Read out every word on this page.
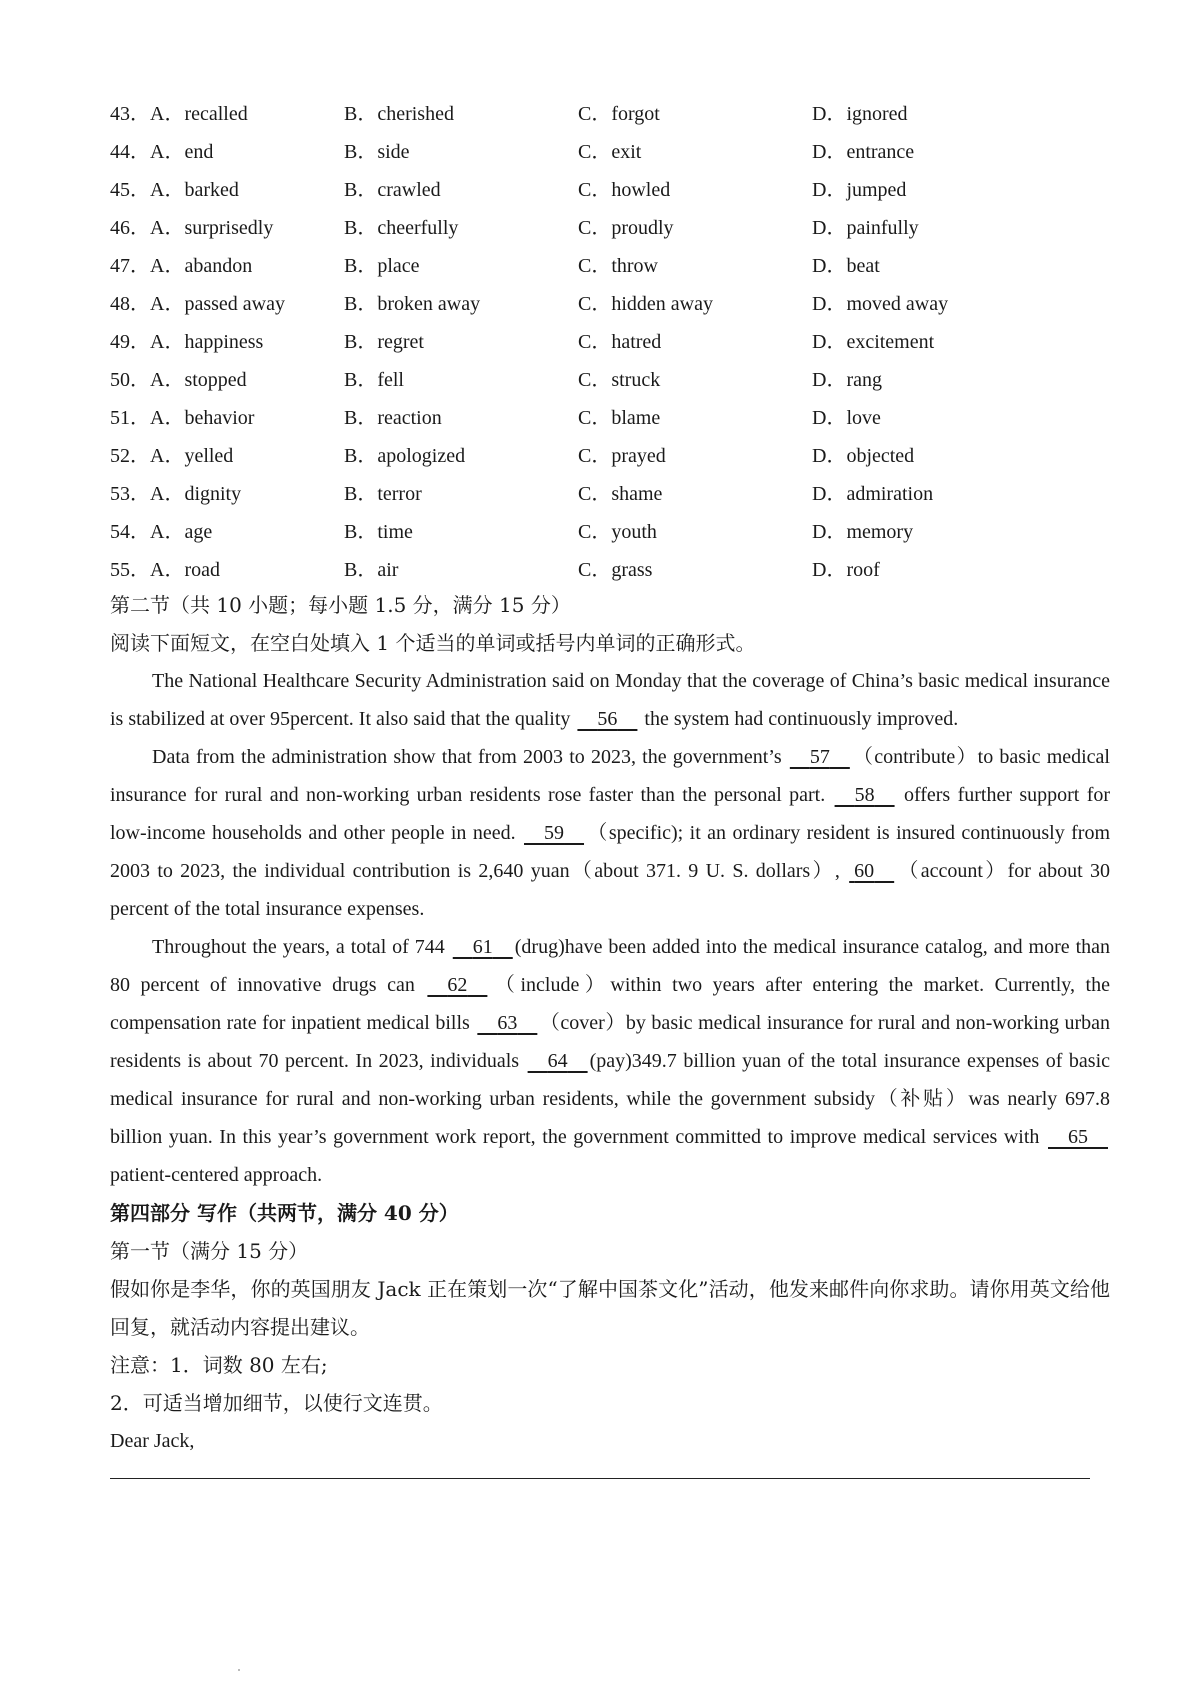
43． A．recalled	B．cherished	C．forgot	D．ignored
44． A．end	B．side	C．exit	D．entrance
45． A．barked	B．crawled	C．howled	D．jumped
46． A．surprisedly	B．cheerfully	C．proudly	D．painfully
47． A．abandon	B．place	C．throw	D．beat
48． A．passed away	B．broken away	C．hidden away	D．moved away
49． A．happiness	B．regret	C．hatred	D．excitement
50． A．stopped	B．fell	C．struck	D．rang
51． A．behavior	B．reaction	C．blame	D．love
52． A．yelled	B．apologized	C．prayed	D．objected
53． A．dignity	B．terror	C．shame	D．admiration
54． A．age	B．time	C．youth	D．memory
55． A．road	B．air	C．grass	D．roof
第二节（共 10 小题；每小题 1.5 分，满分 15 分）
阅读下面短文，在空白处填入 1 个适当的单词或括号内单词的正确形式。
The National Healthcare Security Administration said on Monday that the coverage of China’s basic medical insurance is stabilized at over 95percent. It also said that the quality 56 the system had continuously improved.
Data from the administration show that from 2003 to 2023, the government’s 57 （contribute）to basic medical insurance for rural and non-working urban residents rose faster than the personal part. 58 offers further support for low-income households and other people in need. 59 （specific); it an ordinary resident is insured continuously from 2003 to 2023, the individual contribution is 2,640 yuan（about 371. 9 U. S. dollars）, 60 （account）for about 30 percent of the total insurance expenses.
Throughout the years, a total of 744 61 (drug)have been added into the medical insurance catalog, and more than 80 percent of innovative drugs can 62 （include）within two years after entering the market. Currently, the compensation rate for inpatient medical bills 63 （cover）by basic medical insurance for rural and non-working urban residents is about 70 percent. In 2023, individuals 64 (pay)349.7 billion yuan of the total insurance expenses of basic medical insurance for rural and non-working urban residents, while the government subsidy（补贴）was nearly 697.8 billion yuan. In this year’s government work report, the government committed to improve medical services with 65     patient-centered approach.
第四部分 写作（共两节，满分 40 分）
第一节（满分 15 分）
假如你是李华，你的英国朋友 Jack 正在策划一次“了解中国茶文化”活动，他发来邮件向你求助。请你用英文给他回复，就活动内容提出建议。
注意：1．词数 80 左右;
2．可适当增加细节，以使行文连贯。
Dear Jack,
